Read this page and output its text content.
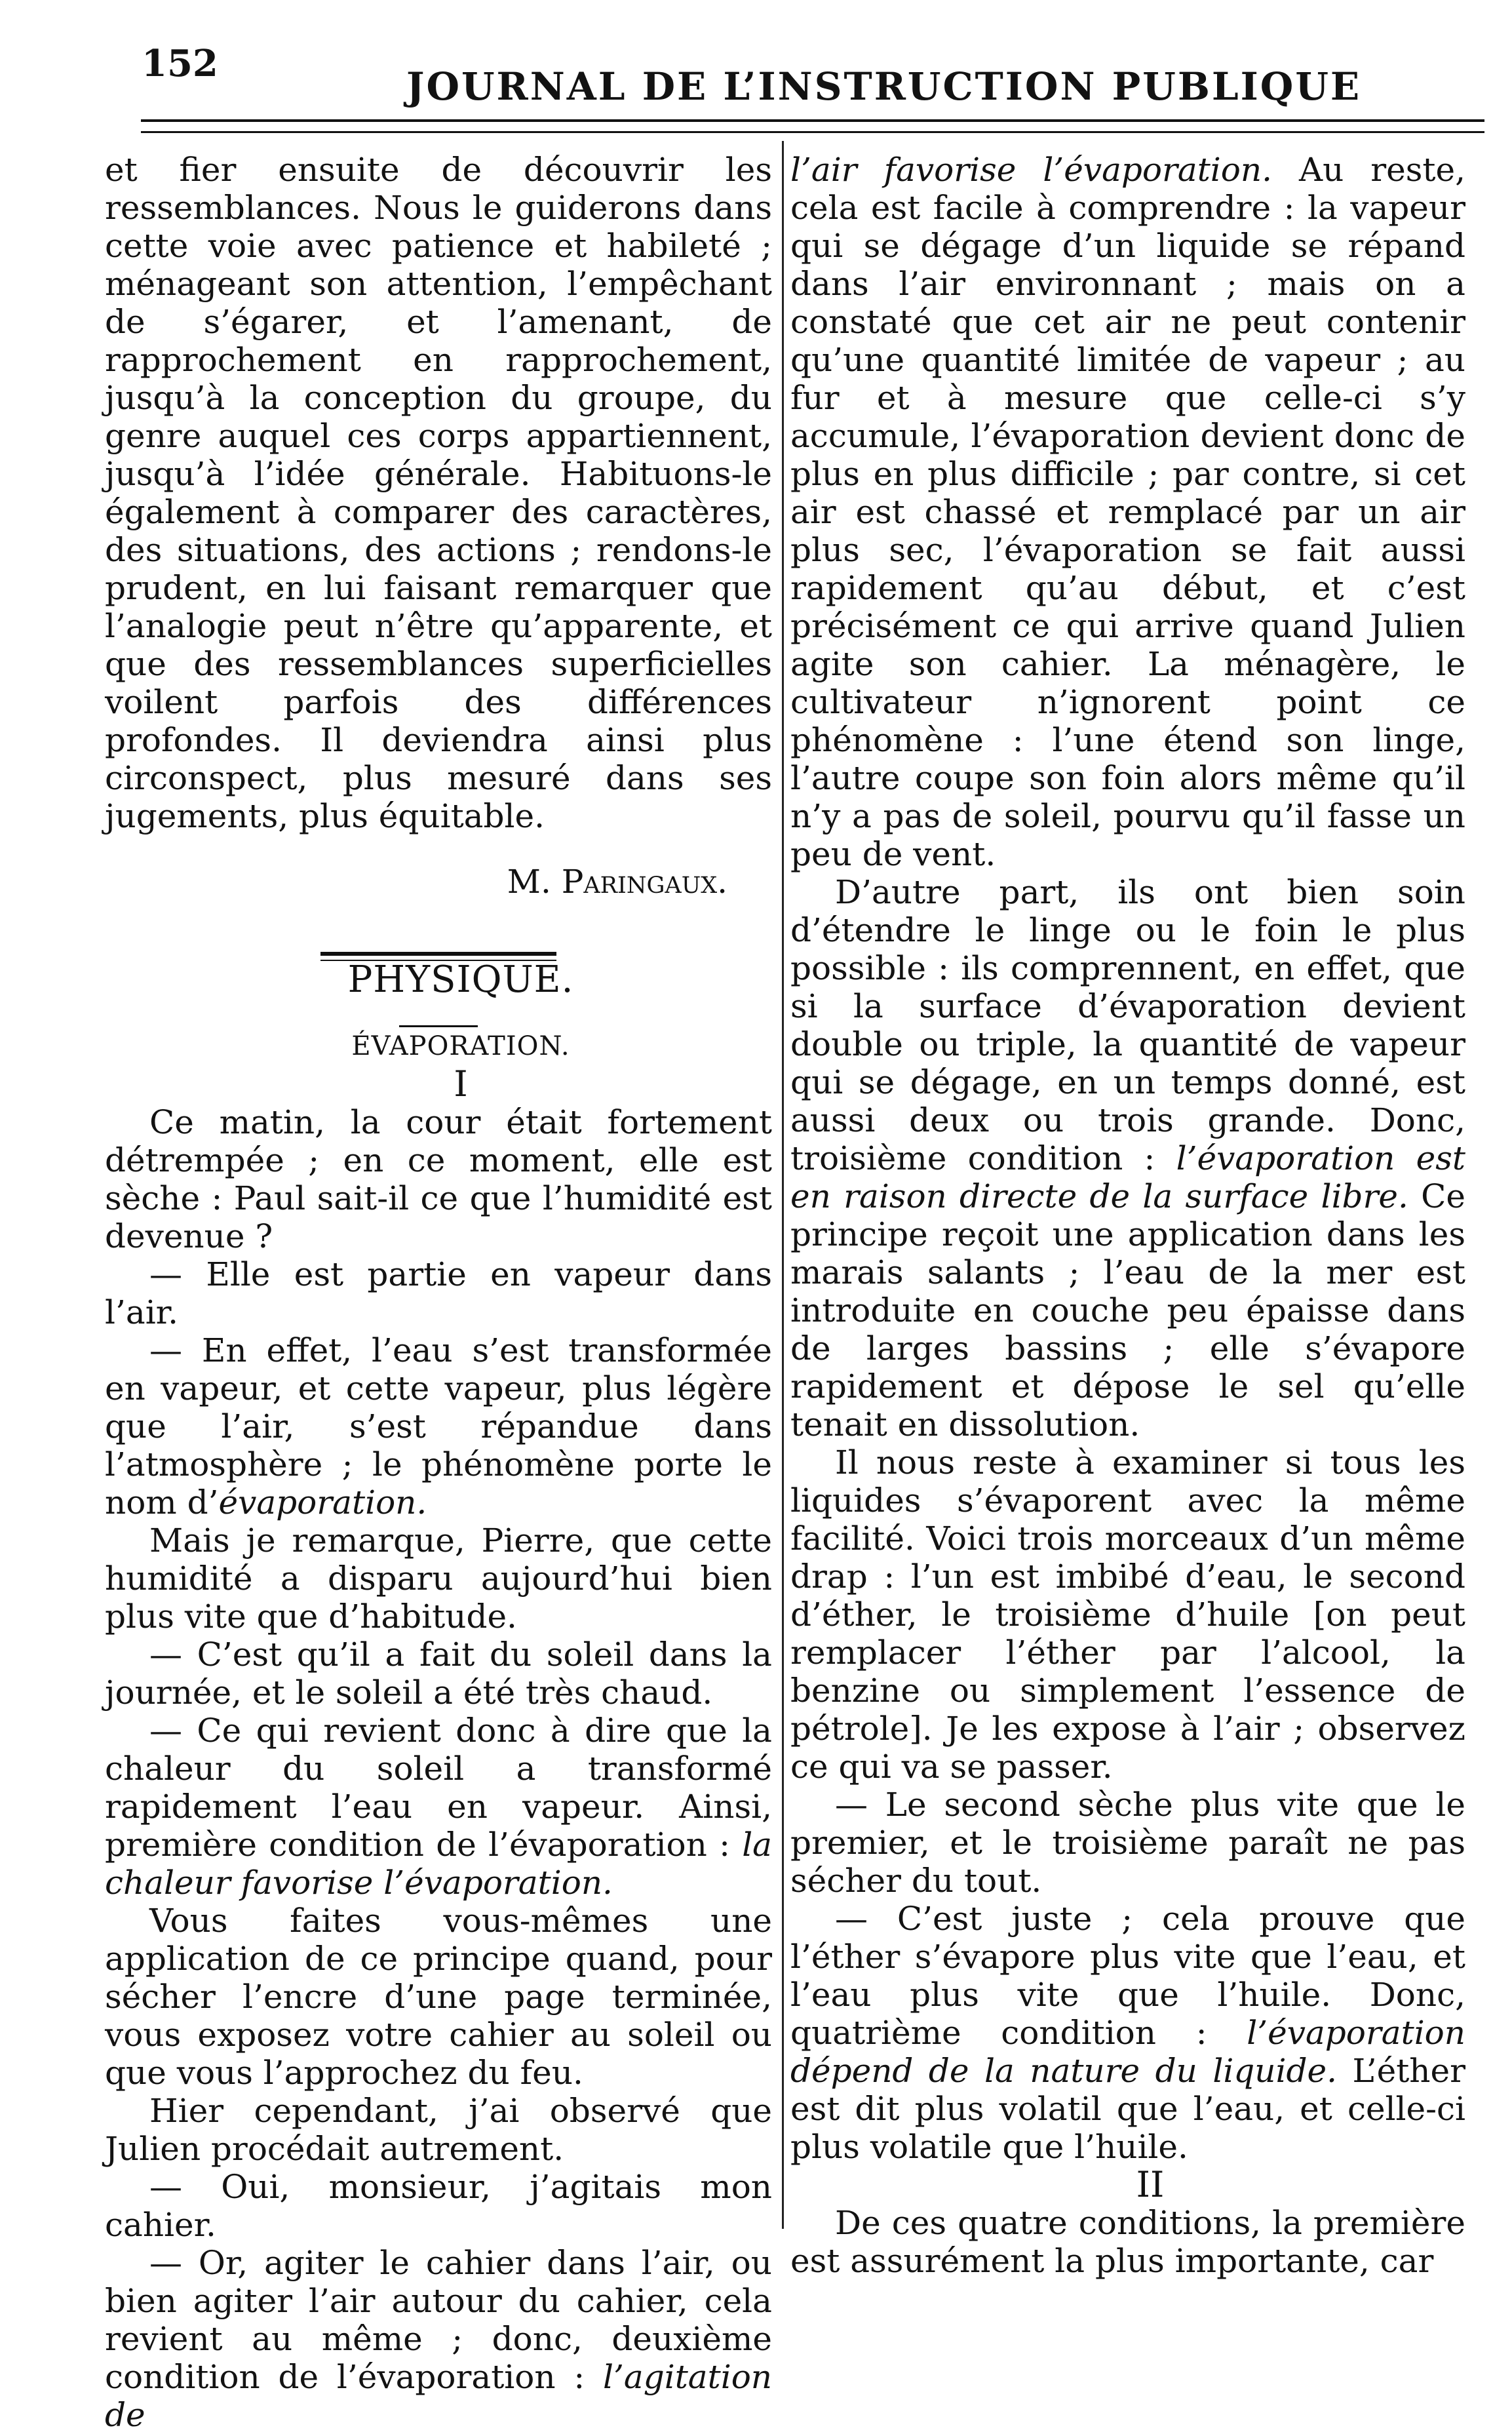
152
JOURNAL DE L’INSTRUCTION PUBLIQUE

et fier ensuite de découvrir les ressemblances. Nous le guiderons dans cette voie avec patience et habileté ; ménageant son attention, l’empêchant de s’égarer, et l’amenant, de rapprochement en rapprochement, jusqu’à la conception du groupe, du genre auquel ces corps appartiennent, jusqu’à l’idée générale. Habituons-le également à comparer des caractères, des situations, des actions ; rendons-le prudent, en lui faisant remarquer que l’analogie peut n’être qu’apparente, et que des ressemblances superficielles voilent parfois des différences profondes. Il deviendra ainsi plus circonspect, plus mesuré dans ses jugements, plus équitable.

M. Paringaux.

PHYSIQUE.

ÉVAPORATION.

I

Ce matin, la cour était fortement détrempée ; en ce moment, elle est sèche : Paul sait-il ce que l’humidité est devenue ?

— Elle est partie en vapeur dans l’air.

— En effet, l’eau s’est transformée en vapeur, et cette vapeur, plus légère que l’air, s’est répandue dans l’atmosphère ; le phénomène porte le nom d’évaporation.

Mais je remarque, Pierre, que cette humidité a disparu aujourd’hui bien plus vite que d’habitude.

— C’est qu’il a fait du soleil dans la journée, et le soleil a été très chaud.

— Ce qui revient donc à dire que la chaleur du soleil a transformé rapidement l’eau en vapeur. Ainsi, première condition de l’évaporation : la chaleur favorise l’évaporation.

Vous faites vous-mêmes une application de ce principe quand, pour sécher l’encre d’une page terminée, vous exposez votre cahier au soleil ou que vous l’approchez du feu.

Hier cependant, j’ai observé que Julien procédait autrement.

— Oui, monsieur, j’agitais mon cahier.

— Or, agiter le cahier dans l’air, ou bien agiter l’air autour du cahier, cela revient au même ; donc, deuxième condition de l’évaporation : l’agitation de

l’air favorise l’évaporation. Au reste, cela est facile à comprendre : la vapeur qui se dégage d’un liquide se répand dans l’air environnant ; mais on a constaté que cet air ne peut contenir qu’une quantité limitée de vapeur ; au fur et à mesure que celle-ci s’y accumule, l’évaporation devient donc de plus en plus difficile ; par contre, si cet air est chassé et remplacé par un air plus sec, l’évaporation se fait aussi rapidement qu’au début, et c’est précisément ce qui arrive quand Julien agite son cahier. La ménagère, le cultivateur n’ignorent point ce phénomène : l’une étend son linge, l’autre coupe son foin alors même qu’il n’y a pas de soleil, pourvu qu’il fasse un peu de vent.

D’autre part, ils ont bien soin d’étendre le linge ou le foin le plus possible : ils comprennent, en effet, que si la surface d’évaporation devient double ou triple, la quantité de vapeur qui se dégage, en un temps donné, est aussi deux ou trois grande. Donc, troisième condition : l’évaporation est en raison directe de la surface libre. Ce principe reçoit une application dans les marais salants ; l’eau de la mer est introduite en couche peu épaisse dans de larges bassins ; elle s’évapore rapidement et dépose le sel qu’elle tenait en dissolution.

Il nous reste à examiner si tous les liquides s’évaporent avec la même facilité. Voici trois morceaux d’un même drap : l’un est imbibé d’eau, le second d’éther, le troisième d’huile [on peut remplacer l’éther par l’alcool, la benzine ou simplement l’essence de pétrole]. Je les expose à l’air ; observez ce qui va se passer.

— Le second sèche plus vite que le premier, et le troisième paraît ne pas sécher du tout.

— C’est juste ; cela prouve que l’éther s’évapore plus vite que l’eau, et l’eau plus vite que l’huile. Donc, quatrième condition : l’évaporation dépend de la nature du liquide. L’éther est dit plus volatil que l’eau, et celle-ci plus volatile que l’huile.

II

De ces quatre conditions, la première est assurément la plus importante, car
